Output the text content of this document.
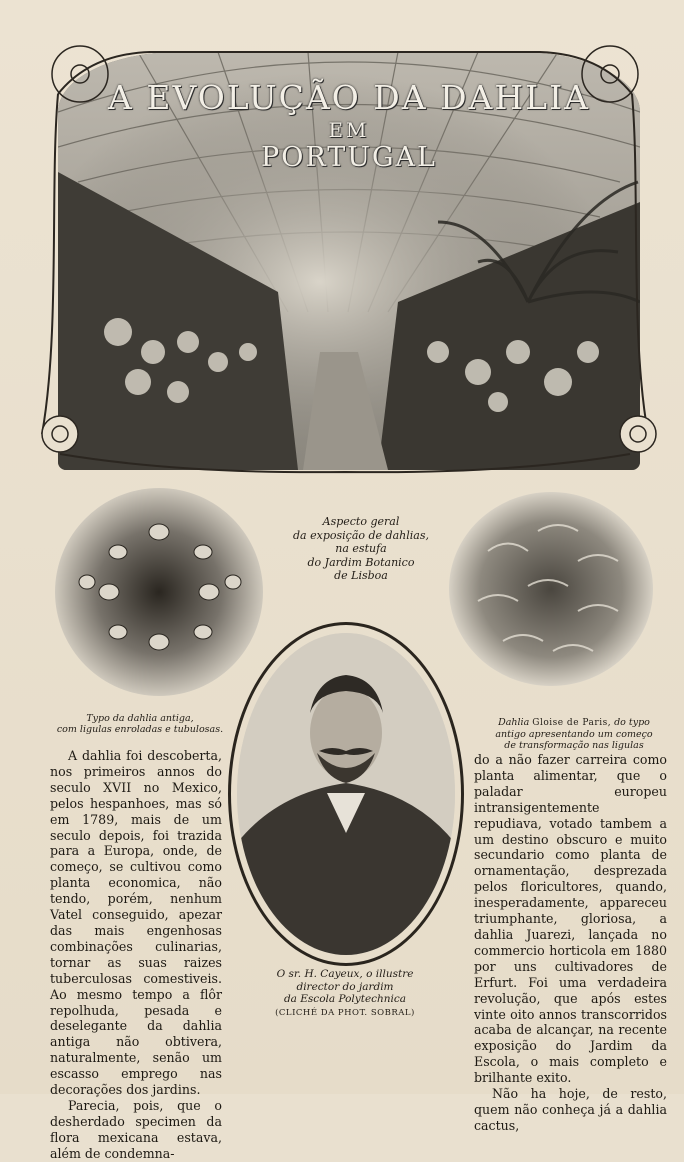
A EVOLUÇÃO DA DAHLIA
EM
PORTUGAL
Aspecto geral
da exposição de dahlias,
na estufa
do Jardim Botanico
de Lisboa
Typo da dahlia antiga,
com ligulas enroladas e tubulosas.
Dahlia Gloise de Paris, do typo
antigo apresentando um começo
de transformação nas ligulas
O sr. H. Cayeux, o illustre
director do jardim
da Escola Polytechnica
(CLICHÉ DA PHOT. SOBRAL)

A dahlia foi descoberta, nos primeiros annos do seculo XVII no Mexico, pelos hespanhoes, mas só em 1789, mais de um seculo depois, foi trazida para a Europa, onde, de começo, se cultivou como planta economica, não tendo, porém, nenhum Vatel conseguido, apezar das mais engenhosas combinações culinarias, tornar as suas raizes tuberculosas comestiveis. Ao mesmo tempo a flôr repolhuda, pesada e deselegante da dahlia antiga não obtivera, naturalmente, senão um escasso emprego nas decorações dos jardins.

Parecia, pois, que o desherdado specimen da flora mexicana estava, além de condemna-

do a não fazer carreira como planta alimentar, que o paladar europeu intransigentemente repudiava, votado tambem a um destino obscuro e muito secundario como planta de ornamentação, desprezada pelos floricultores, quando, inesperadamente, appareceu triumphante, gloriosa, a dahlia Juarezi, lançada no commercio horticola em 1880 por uns cultivadores de Erfurt. Foi uma verdadeira revolução, que após estes vinte oito annos transcorridos acaba de alcançar, na recente exposição do Jardim da Escola, o mais completo e brilhante exito.

Não ha hoje, de resto, quem não conheça já a dahlia cactus,
